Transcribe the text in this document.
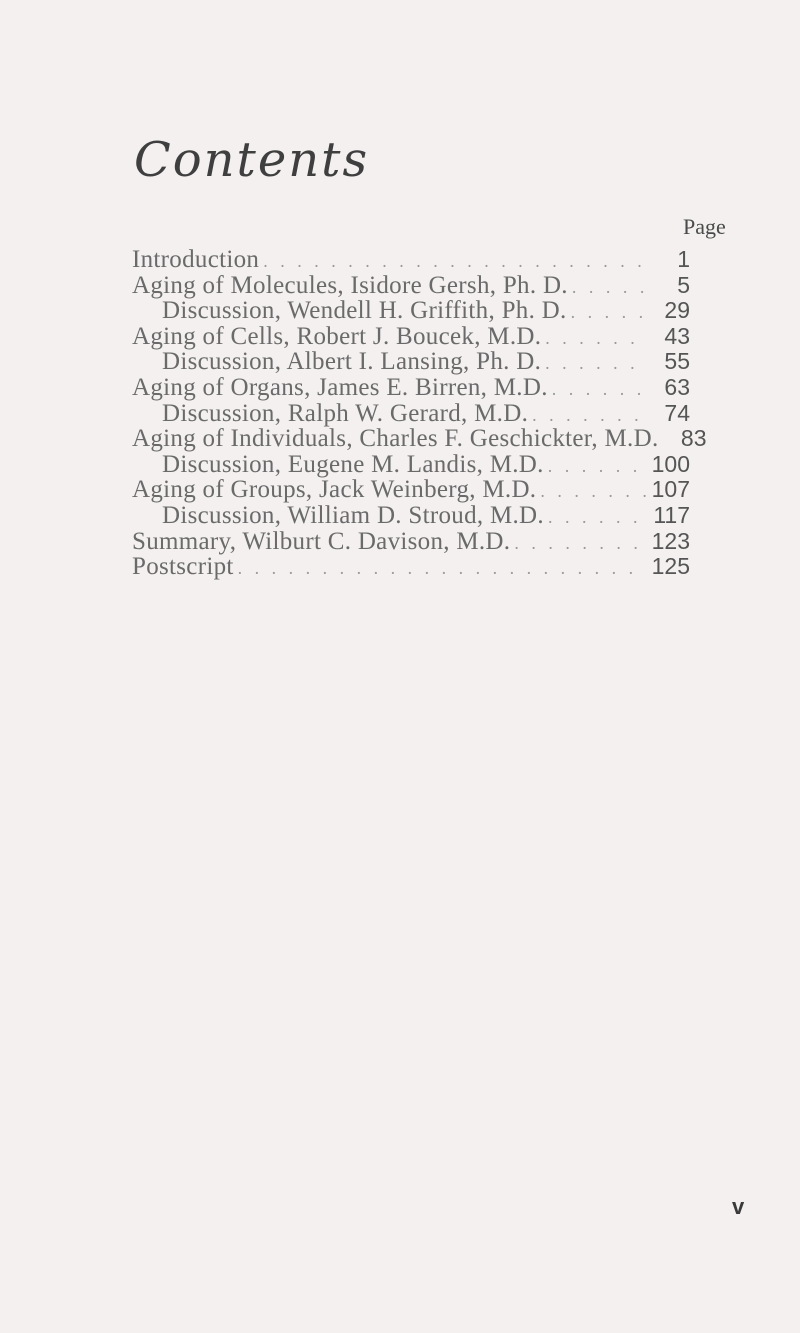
Contents
Page
Introduction . . .	1
Aging of Molecules, Isidore Gersh, Ph. D. . . .	5
Discussion, Wendell H. Griffith, Ph. D. . . .	29
Aging of Cells, Robert J. Boucek, M.D. . . .	43
Discussion, Albert I. Lansing, Ph. D. . . .	55
Aging of Organs, James E. Birren, M.D. . . .	63
Discussion, Ralph W. Gerard, M.D. . . .	74
Aging of Individuals, Charles F. Geschickter, M.D. 83
Discussion, Eugene M. Landis, M.D. . . .	100
Aging of Groups, Jack Weinberg, M.D. . . .	107
Discussion, William D. Stroud, M.D. . . .	117
Summary, Wilburt C. Davison, M.D. . . .	123
Postscript . . .	125
v
